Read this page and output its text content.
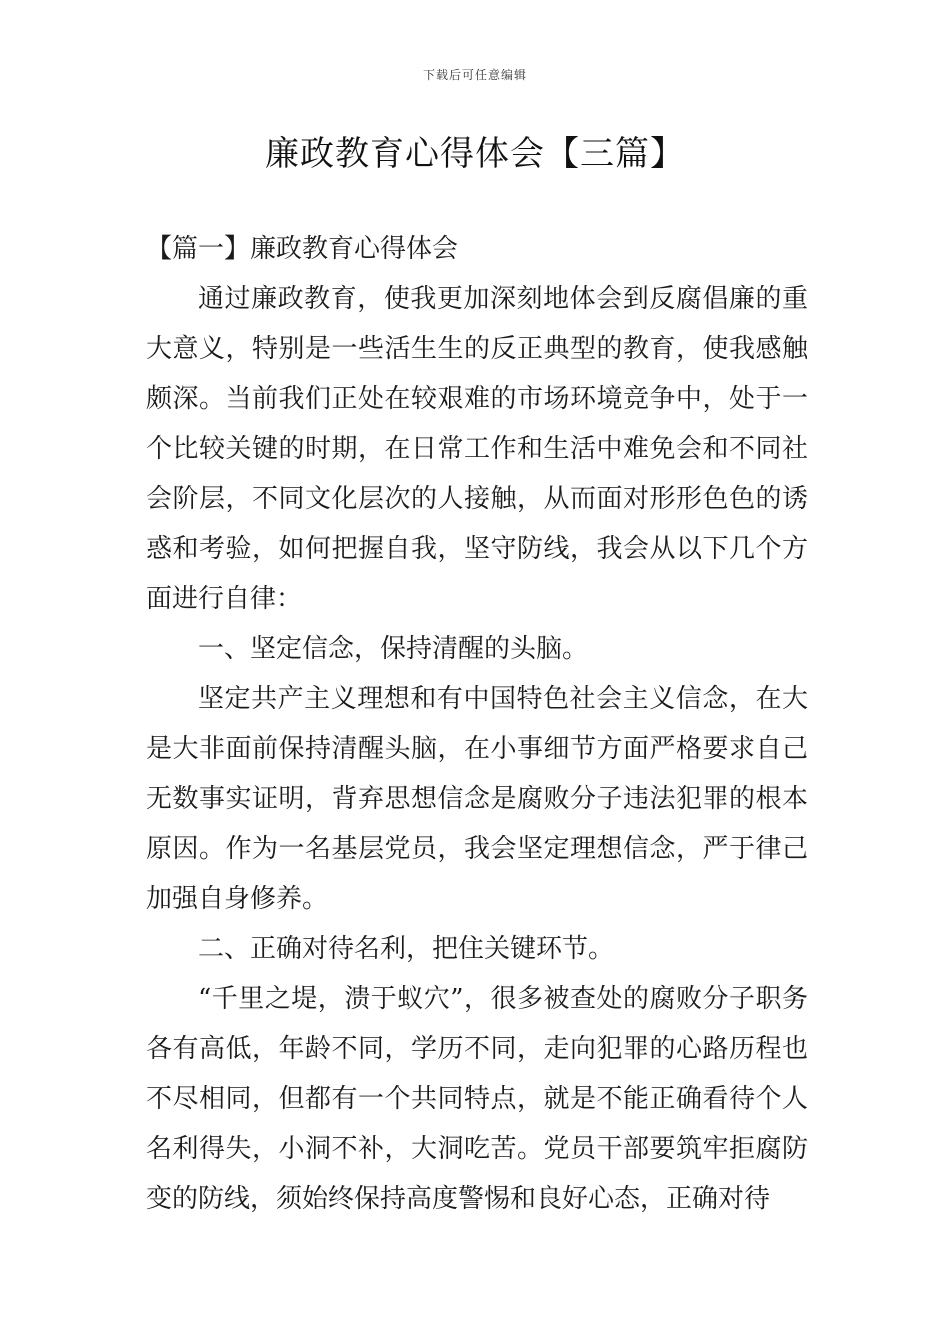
下载后可任意编辑
廉政教育心得体会【三篇】

【篇一】廉政教育心得体会

通过廉政教育，使我更加深刻地体会到反腐倡廉的重大意义，特别是一些活生生的反正典型的教育，使我感触颇深。当前我们正处在较艰难的市场环境竞争中，处于一个比较关键的时期，在日常工作和生活中难免会和不同社会阶层，不同文化层次的人接触，从而面对形形色色的诱惑和考验，如何把握自我，坚守防线，我会从以下几个方面进行自律：

一、坚定信念，保持清醒的头脑。

坚定共产主义理想和有中国特色社会主义信念，在大是大非面前保持清醒头脑，在小事细节方面严格要求自己无数事实证明，背弃思想信念是腐败分子违法犯罪的根本原因。作为一名基层党员，我会坚定理想信念，严于律己加强自身修养。

二、正确对待名利，把住关键环节。

“千里之堤，溃于蚁穴”，很多被查处的腐败分子职务各有高低，年龄不同，学历不同，走向犯罪的心路历程也不尽相同，但都有一个共同特点，就是不能正确看待个人名利得失，小洞不补，大洞吃苦。党员干部要筑牢拒腐防变的防线，须始终保持高度警惕和良好心态，正确对待
